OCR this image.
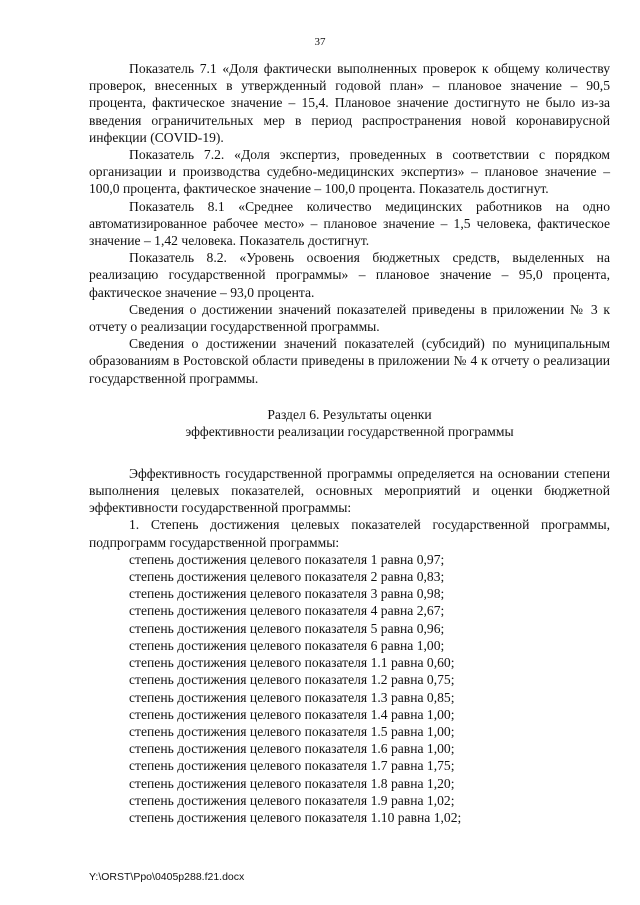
37

Показатель 7.1 «Доля фактически выполненных проверок к общему количеству проверок, внесенных в утвержденный годовой план» – плановое значение – 90,5 процента, фактическое значение – 15,4. Плановое значение достигнуто не было из-за введения ограничительных мер в период распространения новой коронавирусной инфекции (COVID-19).

Показатель 7.2. «Доля экспертиз, проведенных в соответствии с порядком организации и производства судебно-медицинских экспертиз» – плановое значение – 100,0 процента, фактическое значение – 100,0 процента. Показатель достигнут.

Показатель 8.1 «Среднее количество медицинских работников на одно автоматизированное рабочее место» – плановое значение – 1,5 человека, фактическое значение – 1,42 человека. Показатель достигнут.

Показатель 8.2. «Уровень освоения бюджетных средств, выделенных на реализацию государственной программы» – плановое значение – 95,0 процента, фактическое значение – 93,0 процента.

Сведения о достижении значений показателей приведены в приложении № 3 к отчету о реализации государственной программы.

Сведения о достижении значений показателей (субсидий) по муниципальным образованиям в Ростовской области приведены в приложении № 4 к отчету о реализации государственной программы.

Раздел 6. Результаты оценки
эффективности реализации государственной программы

Эффективность государственной программы определяется на основании степени выполнения целевых показателей, основных мероприятий и оценки бюджетной эффективности государственной программы:

1. Степень достижения целевых показателей государственной программы, подпрограмм государственной программы:

степень достижения целевого показателя 1 равна 0,97;

степень достижения целевого показателя 2 равна 0,83;

степень достижения целевого показателя 3 равна 0,98;

степень достижения целевого показателя 4 равна 2,67;

степень достижения целевого показателя 5 равна 0,96;

степень достижения целевого показателя 6 равна 1,00;

степень достижения целевого показателя 1.1 равна 0,60;

степень достижения целевого показателя 1.2 равна 0,75;

степень достижения целевого показателя 1.3 равна 0,85;

степень достижения целевого показателя 1.4 равна 1,00;

степень достижения целевого показателя 1.5 равна 1,00;

степень достижения целевого показателя 1.6 равна 1,00;

степень достижения целевого показателя 1.7 равна 1,75;

степень достижения целевого показателя 1.8 равна 1,20;

степень достижения целевого показателя 1.9 равна 1,02;

степень достижения целевого показателя 1.10 равна 1,02;

Y:\ORST\Ppo\0405p288.f21.docx
